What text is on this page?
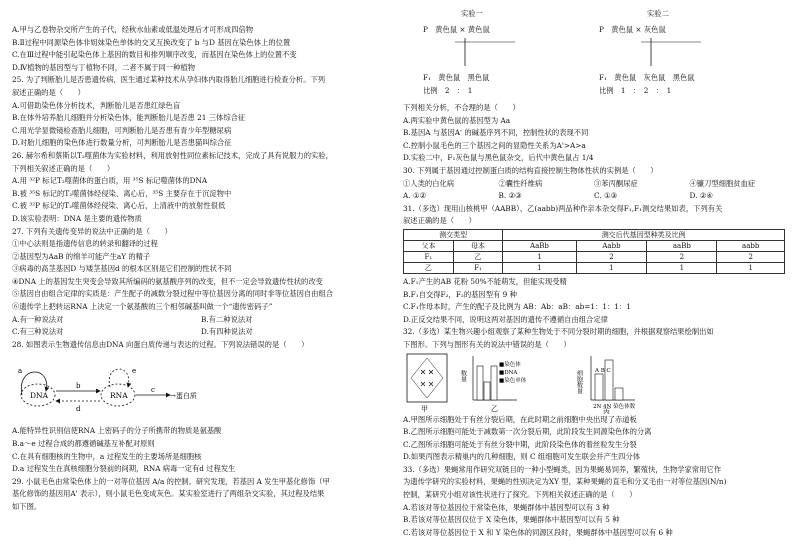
A.甲与乙卷物杂交所产生的子代，经秋水仙素或低温处理后才可形成四倍物
B.Ⅱ过程中同源染色体非姐妹染色单体的交叉互换改变了 b 与D 基因在染色体上的位置
C.在Ⅲ过程中能引起染色体上基因的数目和排列顺序改变，而基因在染色体上的位置不变
D.Ⅳ植物的基因型与丁植物不同，二者不属于同一种植物
25. 为了判断胎儿是否患遗传病，医生通过某种技术从孕妇体内取得胎儿细胞进行检查分析。下列
叙述正确的是（　　）
A.可借助染色体分析技术，判断胎儿是否患红绿色盲
B.在体外培养胎儿细胞并分析染色体，能判断胎儿是否患 21 三体综合征
C.用光学显微镜检查胎儿细胞，可判断胎儿是否患有青少年型糖尿病
D.对胎儿细胞的染色体进行数量分析，可判断胎儿是否患猫叫综合征
26. 赫尔希和蔡斯以T₂噬菌体为实验材料，利用放射性同位素标记技术，完成了具有说服力的实验，
下列相关叙述正确的是（　　）
A.用 ³²P 标记T₂噬菌体的蛋白质，用 ³⁵S 标记噬菌体的DNA
B.被 ³⁵S 标记的T₂噬菌体经侵染、离心后，³⁵S 主要存在于沉淀物中
C.被 ³²P 标记的T₂噬菌体经侵染、离心后，上清液中的放射性很低
D.该实验表明：DNA 是主要的遗传物质
27. 下列有关遗传变异的说法中正确的是（　　）
①中心法则是指遗传信息的转录和翻译的过程
②基因型为AaB 的绵羊可能产生aY 的精子
③病毒的高茎基因D 与矮茎基因d 的根本区别是它们控制的性状不同
④DNA 上的基因发生突变会导致其所编码的氨基酸序列的改变，但不一定会导致遗传性状的改变
⑤基因自由组合定律的实质是：产生配子的减数分裂过程中等位基因分离的同时非等位基因自由组合
⑥遗传学上把转运RNA 上决定一个氨基酸的三个相邻碱基叫做一个“遗传密码子”
A.有一种说法对	B.有二种说法对
C.有三种说法对	D.有四种说法对
28. 如图表示生物遗传信息由DNA 向蛋白质传递与表达的过程。下列说法错误的是（　　）
DNA	RNA	→蛋白质
a
b	c
d
e
A.能特异性识别信使RNA 上密码子的分子所携带的物质是氨基酸
B.a～e 过程合成的都遵循碱基互补配对原则
C.在具有细胞核的生物中，a 过程发生的主要场所是细胞核
D.a 过程发生在真核细胞分裂前的间期，RNA 病毒一定有d 过程发生
29. 小鼠毛色由常染色体上的一对等位基因 A/a 的控制。研究发现，若基因 A 发生甲基化修饰（甲
基化修饰的基因用A' 表示），则小鼠毛色变成灰色。某实验室进行了两组杂交实验，其过程及结果
如下图。
实验一	实验二
P　黄色鼠 × 黄色鼠	P　黄色鼠 × 灰色鼠
F₁　黄色鼠　黑色鼠	F₁　黄色鼠　灰色鼠　黑色鼠
比例　2　：　1	比例　1　：　2　：　1
下列相关分析，不合理的是（　　）
A.两实验中黄色鼠的基因型为 Aa
B.基因A 与基因A' 的碱基序列不同，控制性状的表现不同
C.控制小鼠毛色的三个基因之间的显隐性关系为A'>A>a
D.实验二中，F₁灰色鼠与黑色鼠杂交，后代中黄色鼠占 1/4
30. 下列属于基因通过控制蛋白质的结构直接控制生物体性状的实例是（　　）
①人类的白化病	②囊性纤维病	③苯丙酮尿症	④镰刀型细胞贫血症
A. ①②	B. ②③	C. ①③	D. ②④
31.（多选）现用山核桃甲（AABB）、乙(aabb)两品种作亲本杂交得F₁,F₁测交结果如表，下列有关
叙述正确的是（　　）
测交类型		测交后代基因型种类及比例			
父本	母本	AaBb	Aabb	aaBb	aabb
F₁	乙	1	2	2	2
乙	F₁	1	1	1	1
A.F₁产生的AB 花粉 50%不能萌发，但能实现受精
B.F₁自交得F₂，F₂的基因型有 9 种
C.F₁作母本时，产生的配子及比例为 AB：Ab：aB：ab=1：1：1：1
D.正反交结果不同，说明这两对基因的遗传不遵循自由组合定律
32.（多选）某生物兴趣小组观察了某种生物处于不同分裂时期的细胞，并根据观察结果绘制出如
下图形。下列与图形有关的说法中错误的是（　　）
甲
数量
■染色体
■DNA
■染色单体
乙
细胞数量 A B C
2N 4N 染色体数
丙
A.甲图所示细胞处于有丝分裂后期，在此时期之前细胞中央出现了赤道板
B.乙图所示细胞可能处于减数第一次分裂后期，此阶段发生同源染色体的分离
C.乙图所示细胞可能处于有丝分裂中期，此阶段染色体的着丝粒发生分裂
D.如果丙图表示精巢内的几种细胞，则 C 组细胞可发生联会并产生四分体
33.（多选）果蝇常用作研究双链目的一种小型蝇类，因为果蝇易饲养，繁殖快，生物学家常用它作
为遗传学研究的实验材料，果蝇的性别决定为XY 型，某种果蝇的直毛和分叉毛由一对等位基因(N/n)
控制，某研究小组对该性状进行了探究。下列相关叙述正确的是（　　）
A.若该对等位基因位于常染色体，果蝇群体中基因型可以有 3 种
B.若该对等位基因仅位于 X 染色体，果蝇群体中基因型可以有 5 种
C.若该对等位基因位于 X 和 Y 染色体的同源区段时，果蝇群体中基因型可以有 6 种
